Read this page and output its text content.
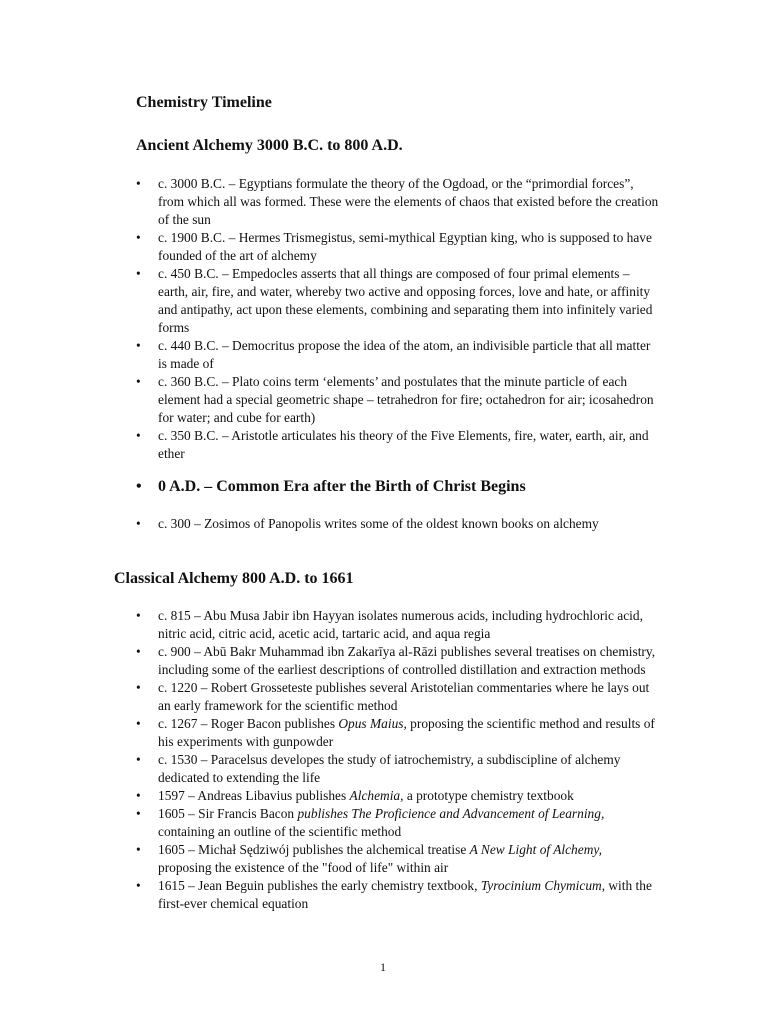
Chemistry Timeline
Ancient Alchemy 3000 B.C. to 800 A.D.
• c. 3000 B.C. – Egyptians formulate the theory of the Ogdoad, or the “primordial forces”, from which all was formed. These were the elements of chaos that existed before the creation of the sun
• c. 1900 B.C. – Hermes Trismegistus, semi-mythical Egyptian king, who is supposed to have founded of the art of alchemy
• c. 450 B.C. – Empedocles asserts that all things are composed of four primal elements – earth, air, fire, and water, whereby two active and opposing forces, love and hate, or affinity and antipathy, act upon these elements, combining and separating them into infinitely varied forms
• c. 440 B.C. – Democritus propose the idea of the atom, an indivisible particle that all matter is made of
• c. 360 B.C. – Plato coins term ‘elements’ and postulates that the minute particle of each element had a special geometric shape – tetrahedron for fire; octahedron for air; icosahedron for water; and cube for earth)
• c. 350 B.C. – Aristotle articulates his theory of the Five Elements, fire, water, earth, air, and ether
• 0 A.D. – Common Era after the Birth of Christ Begins
• c. 300 – Zosimos of Panopolis writes some of the oldest known books on alchemy
Classical Alchemy 800 A.D. to 1661
• c. 815 – Abu Musa Jabir ibn Hayyan isolates numerous acids, including hydrochloric acid, nitric acid, citric acid, acetic acid, tartaric acid, and aqua regia
• c. 900 – Abū Bakr Muhammad ibn Zakarīya al-Rāzi publishes several treatises on chemistry, including some of the earliest descriptions of controlled distillation and extraction methods
• c. 1220 – Robert Grosseteste publishes several Aristotelian commentaries where he lays out an early framework for the scientific method
• c. 1267 – Roger Bacon publishes Opus Maius, proposing the scientific method and results of his experiments with gunpowder
• c. 1530 – Paracelsus developes the study of iatrochemistry, a subdiscipline of alchemy dedicated to extending the life
• 1597 – Andreas Libavius publishes Alchemia, a prototype chemistry textbook
• 1605 – Sir Francis Bacon publishes The Proficience and Advancement of Learning, containing an outline of the scientific method
• 1605 – Michał Sędziwój publishes the alchemical treatise A New Light of Alchemy, proposing the existence of the "food of life" within air
• 1615 – Jean Beguin publishes the early chemistry textbook, Tyrocinium Chymicum, with the first-ever chemical equation
1
